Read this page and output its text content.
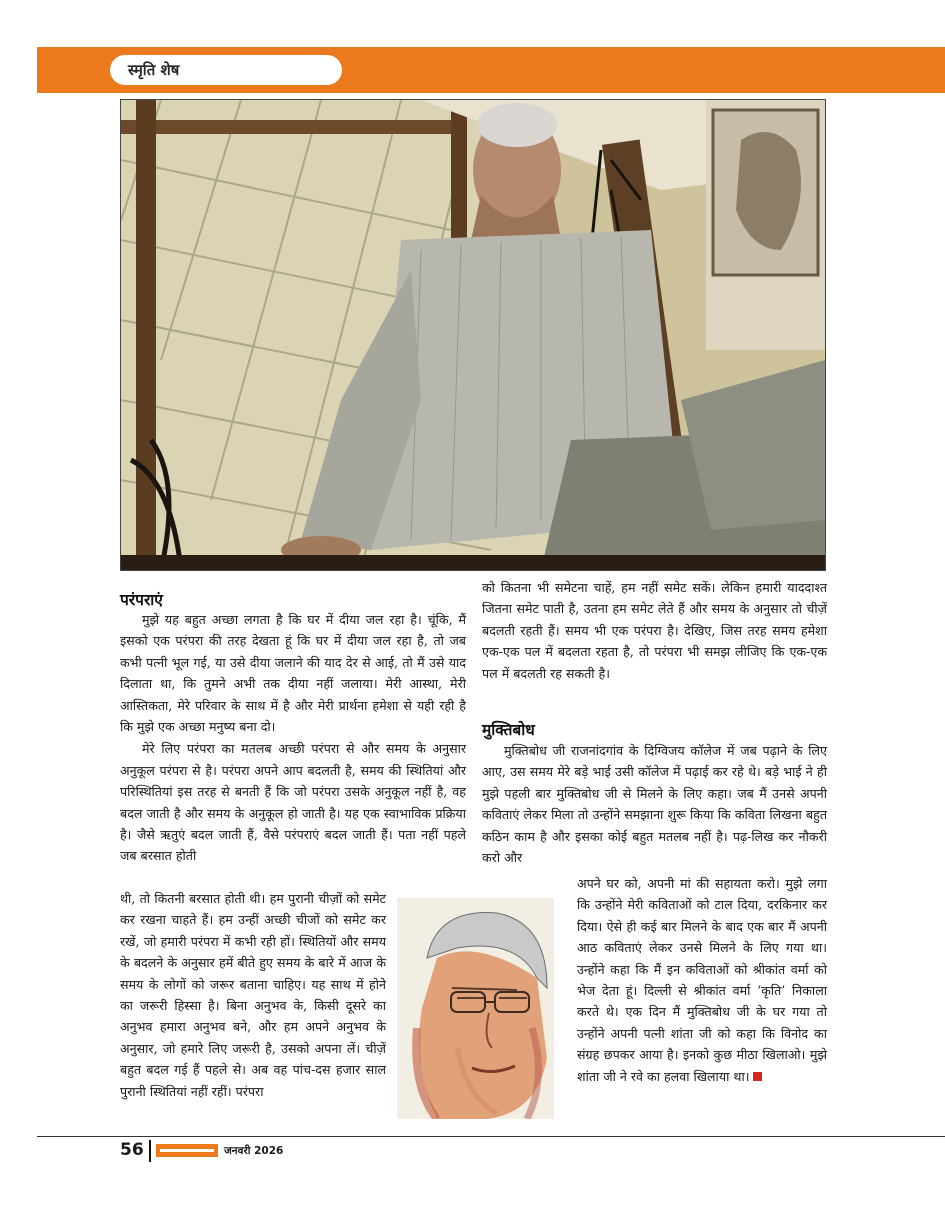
स्मृति शेष
परंपराएं

मुझे यह बहुत अच्छा लगता है कि घर में दीया जल रहा है। चूंकि, मैं इसको एक परंपरा की तरह देखता हूं कि घर में दीया जल रहा है, तो जब कभी पत्नी भूल गई, या उसे दीया जलाने की याद देर से आई, तो मैं उसे याद दिलाता था, कि तुमने अभी तक दीया नहीं जलाया। मेरी आस्था, मेरी आस्तिकता, मेरे परिवार के साथ में है और मेरी प्रार्थना हमेशा से यही रही है कि मुझे एक अच्छा मनुष्य बना दो।

मेरे लिए परंपरा का मतलब अच्छी परंपरा से और समय के अनुसार अनुकूल परंपरा से है। परंपरा अपने आप बदलती है, समय की स्थितियां और परिस्थितियां इस तरह से बनती हैं कि जो परंपरा उसके अनुकूल नहीं है, वह बदल जाती है और समय के अनुकूल हो जाती है। यह एक स्वाभाविक प्रक्रिया है। जैसे ऋतुएं बदल जाती हैं, वैसे परंपराएं बदल जाती हैं। पता नहीं पहले जब बरसात होती

थी, तो कितनी बरसात होती थी। हम पुरानी चीज़ों को समेट कर रखना चाहते हैं। हम उन्हीं अच्छी चीजों को समेट कर रखें, जो हमारी परंपरा में कभी रही हों। स्थितियों और समय के बदलने के अनुसार हमें बीते हुए समय के बारे में आज के समय के लोगों को जरूर बताना चाहिए। यह साथ में होने का जरूरी हिस्सा है। बिना अनुभव के, किसी दूसरे का अनुभव हमारा अनुभव बने, और हम अपने अनुभव के अनुसार, जो हमारे लिए जरूरी है, उसको अपना लें। चीज़ें बहुत बदल गई हैं पहले से। अब वह पांच-दस हजार साल पुरानी स्थितियां नहीं रहीं। परंपरा

को कितना भी समेटना चाहें, हम नहीं समेट सकें। लेकिन हमारी याददाश्त जितना समेट पाती है, उतना हम समेट लेते हैं और समय के अनुसार तो चीज़ें बदलती रहती हैं। समय भी एक परंपरा है। देखिए, जिस तरह समय हमेशा एक-एक पल में बदलता रहता है, तो परंपरा भी समझ लीजिए कि एक-एक पल में बदलती रह सकती है।

मुक्तिबोध

मुक्तिबोध जी राजनांदगांव के दिग्विजय कॉलेज में जब पढ़ाने के लिए आए, उस समय मेरे बड़े भाई उसी कॉलेज में पढ़ाई कर रहे थे। बड़े भाई ने ही मुझे पहली बार मुक्तिबोध जी से मिलने के लिए कहा। जब मैं उनसे अपनी कविताएं लेकर मिला तो उन्होंने समझाना शुरू किया कि कविता लिखना बहुत कठिन काम है और इसका कोई बहुत मतलब नहीं है। पढ़-लिख कर नौकरी करो और

अपने घर को, अपनी मां की सहायता करो। मुझे लगा कि उन्होंने मेरी कविताओं को टाल दिया, दरकिनार कर दिया। ऐसे ही कई बार मिलने के बाद एक बार मैं अपनी आठ कविताएं लेकर उनसे मिलने के लिए गया था। उन्होंने कहा कि मैं इन कविताओं को श्रीकांत वर्मा को भेज देता हूं। दिल्ली से श्रीकांत वर्मा ‘कृति’ निकाला करते थे। एक दिन मैं मुक्तिबोध जी के घर गया तो उन्होंने अपनी पत्नी शांता जी को कहा कि विनोद का संग्रह छपकर आया है। इनको कुछ मीठा खिलाओ। मुझे शांता जी ने रवे का हलवा खिलाया था।

56	जनवरी 2026
